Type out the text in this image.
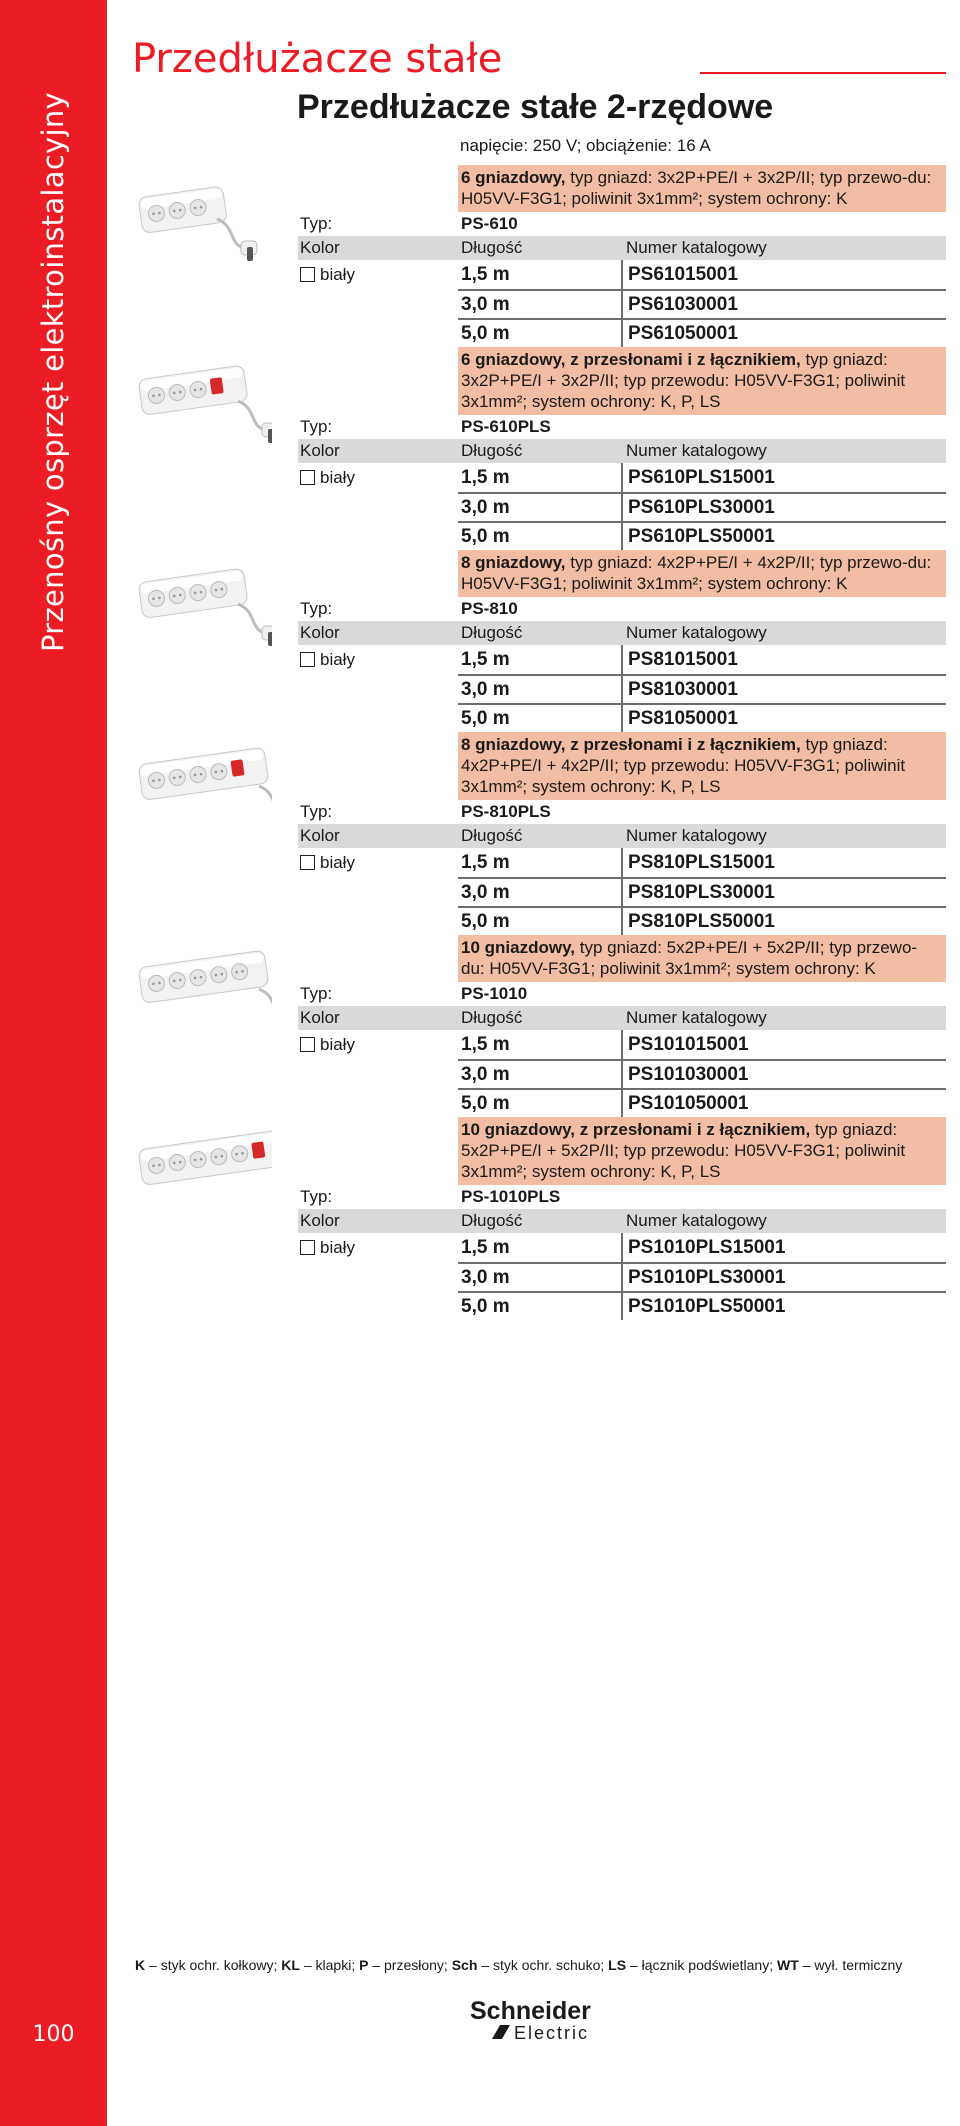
Przenośny osprzęt elektroinstalacyjny
100
Przedłużacze stałe
Przedłużacze stałe 2-rzędowe
napięcie: 250 V; obciążenie: 16 A
6 gniazdowy, typ gniazd: 3x2P+PE/I + 3x2P/II; typ przewo-du: H05VV-F3G1; poliwinit 3x1mm²; system ochrony: K
Typ:	PS-610
Kolor	Długość	Numer katalogowy
biały	1,5 m	PS61015001
3,0 m	PS61030001
5,0 m	PS61050001
6 gniazdowy, z przesłonami i z łącznikiem, typ gniazd: 3x2P+PE/I + 3x2P/II; typ przewodu: H05VV-F3G1; poliwinit 3x1mm²; system ochrony: K, P, LS
Typ:	PS-610PLS
Kolor	Długość	Numer katalogowy
biały	1,5 m	PS610PLS15001
3,0 m	PS610PLS30001
5,0 m	PS610PLS50001
8 gniazdowy, typ gniazd: 4x2P+PE/I + 4x2P/II; typ przewo-du: H05VV-F3G1; poliwinit 3x1mm²; system ochrony: K
Typ:	PS-810
Kolor	Długość	Numer katalogowy
biały	1,5 m	PS81015001
3,0 m	PS81030001
5,0 m	PS81050001
8 gniazdowy, z przesłonami i z łącznikiem, typ gniazd: 4x2P+PE/I + 4x2P/II; typ przewodu: H05VV-F3G1; poliwinit 3x1mm²; system ochrony: K, P, LS
Typ:	PS-810PLS
Kolor	Długość	Numer katalogowy
biały	1,5 m	PS810PLS15001
3,0 m	PS810PLS30001
5,0 m	PS810PLS50001
10 gniazdowy, typ gniazd: 5x2P+PE/I + 5x2P/II; typ przewo-du: H05VV-F3G1; poliwinit 3x1mm²; system ochrony: K
Typ:	PS-1010
Kolor	Długość	Numer katalogowy
biały	1,5 m	PS101015001
3,0 m	PS101030001
5,0 m	PS101050001
10 gniazdowy, z przesłonami i z łącznikiem, typ gniazd: 5x2P+PE/I + 5x2P/II; typ przewodu: H05VV-F3G1; poliwinit 3x1mm²; system ochrony: K, P, LS
Typ:	PS-1010PLS
Kolor	Długość	Numer katalogowy
biały	1,5 m	PS1010PLS15001
3,0 m	PS1010PLS30001
5,0 m	PS1010PLS50001
K – styk ochr. kołkowy; KL – klapki; P – przesłony; Sch – styk ochr. schuko; LS – łącznik podświetlany; WT – wył. termiczny
Schneider
Electric
